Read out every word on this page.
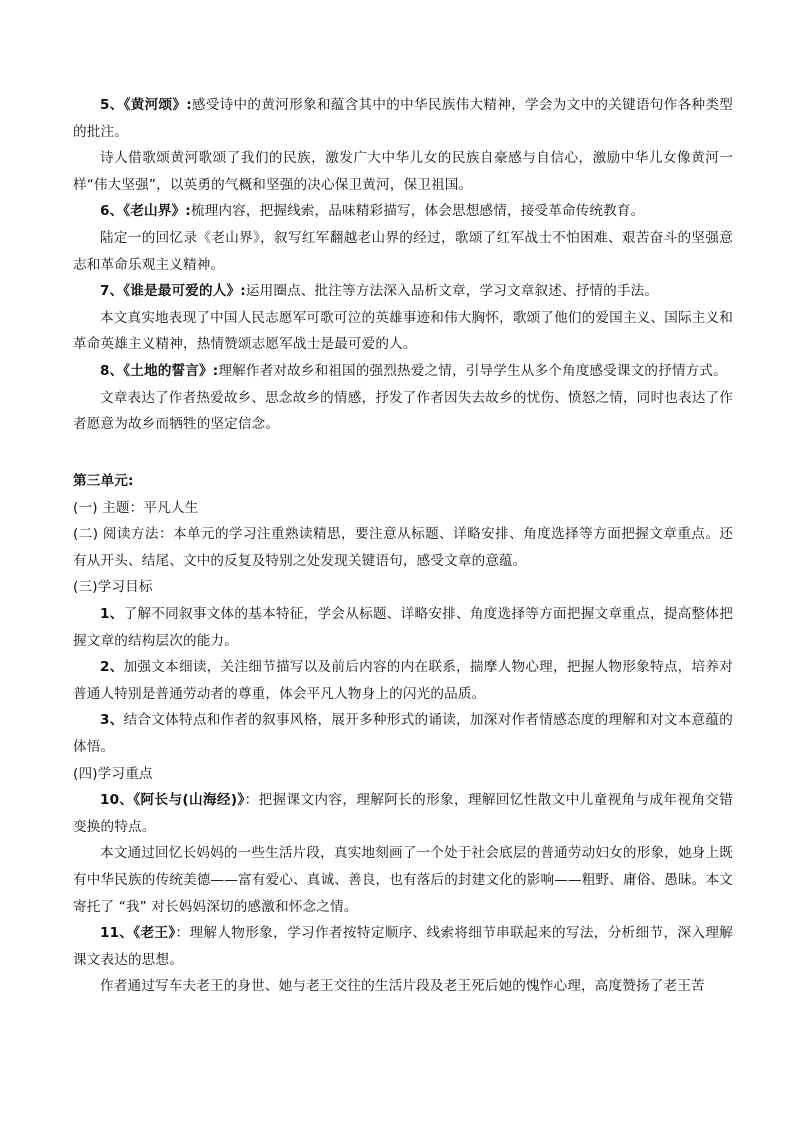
5、《黄河颂》:感受诗中的黄河形象和蕴含其中的中华民族伟大精神，学会为文中的关键语句作各种类型的批注。

诗人借歌颂黄河歌颂了我们的民族，激发广大中华儿女的民族自豪感与自信心，激励中华儿女像黄河一样“伟大坚强”，以英勇的气概和坚强的决心保卫黄河，保卫祖国。

6、《老山界》:梳理内容，把握线索，品味精彩描写，体会思想感情，接受革命传统教育。

陆定一的回忆录《老山界》，叙写红军翻越老山界的经过，歌颂了红军战士不怕困难、艰苦奋斗的坚强意志和革命乐观主义精神。

7、《谁是最可爱的人》:运用圈点、批注等方法深入品析文章，学习文章叙述、抒情的手法。

本文真实地表现了中国人民志愿军可歌可泣的英雄事迹和伟大胸怀，歌颂了他们的爱国主义、国际主义和革命英雄主义精神，热情赞颂志愿军战士是最可爱的人。

8、《土地的誓言》:理解作者对故乡和祖国的强烈热爱之情，引导学生从多个角度感受课文的抒情方式。

文章表达了作者热爱故乡、思念故乡的情感，抒发了作者因失去故乡的忧伤、愤怒之情，同时也表达了作者愿意为故乡而牺牲的坚定信念。

第三单元:

(一) 主题：平凡人生

(二) 阅读方法：本单元的学习注重熟读精思，要注意从标题、详略安排、角度选择等方面把握文章重点。还有从开头、结尾、文中的反复及特别之处发现关键语句，感受文章的意蕴。

(三)学习目标

1、了解不同叙事文体的基本特征，学会从标题、详略安排、角度选择等方面把握文章重点，提高整体把握文章的结构层次的能力。

2、加强文本细读，关注细节描写以及前后内容的内在联系，揣摩人物心理，把握人物形象特点，培养对普通人特别是普通劳动者的尊重，体会平凡人物身上的闪光的品质。

3、结合文体特点和作者的叙事风格，展开多种形式的诵读，加深对作者情感态度的理解和对文本意蕴的体悟。

(四)学习重点

10、《阿长与(山海经)》：把握课文内容，理解阿长的形象，理解回忆性散文中儿童视角与成年视角交错变换的特点。

本文通过回忆长妈妈的一些生活片段，真实地刻画了一个处于社会底层的普通劳动妇女的形象，她身上既有中华民族的传统美德——富有爱心、真诚、善良，也有落后的封建文化的影响——粗野、庸俗、愚昧。本文寄托了 “我” 对长妈妈深切的感激和怀念之情。

11、《老王》：理解人物形象，学习作者按特定顺序、线索将细节串联起来的写法，分析细节，深入理解课文表达的思想。

作者通过写车夫老王的身世、她与老王交往的生活片段及老王死后她的愧怍心理，高度赞扬了老王苦
